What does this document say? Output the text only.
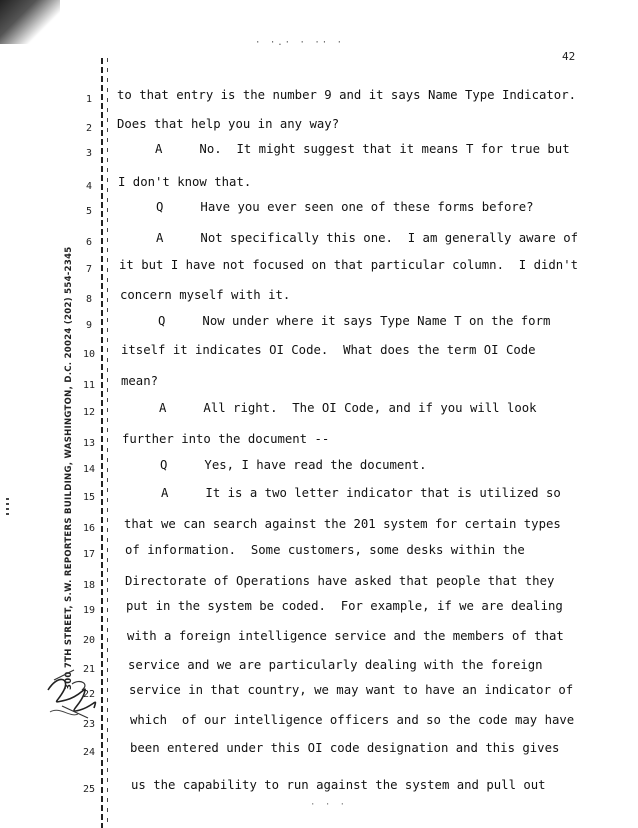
300 7TH STREET, S.W. REPORTERS BUILDING, WASHINGTON, D.C. 20024 (202) 554-2345
· ·.· · ·· ·
42
1	to that entry is the number 9 and it says Name Type Indicator.
2	Does that help you in any way?
3	A     No.  It might suggest that it means T for true but
4	I don't know that.
5	Q     Have you ever seen one of these forms before?
6	A     Not specifically this one.  I am generally aware of
7	it but I have not focused on that particular column.  I didn't
8	concern myself with it.
9	Q     Now under where it says Type Name T on the form
10	itself it indicates OI Code.  What does the term OI Code
11	mean?
12	A     All right.  The OI Code, and if you will look
13	further into the document --
14	Q     Yes, I have read the document.
15	A     It is a two letter indicator that is utilized so
16	that we can search against the 201 system for certain types
17	of information.  Some customers, some desks within the
18	Directorate of Operations have asked that people that they
19	put in the system be coded.  For example, if we are dealing
20	with a foreign intelligence service and the members of that
21	service and we are particularly dealing with the foreign
22	service in that country, we may want to have an indicator of
23	which  of our intelligence officers and so the code may have
24	been entered under this OI code designation and this gives
25	us the capability to run against the system and pull out
· · ·
